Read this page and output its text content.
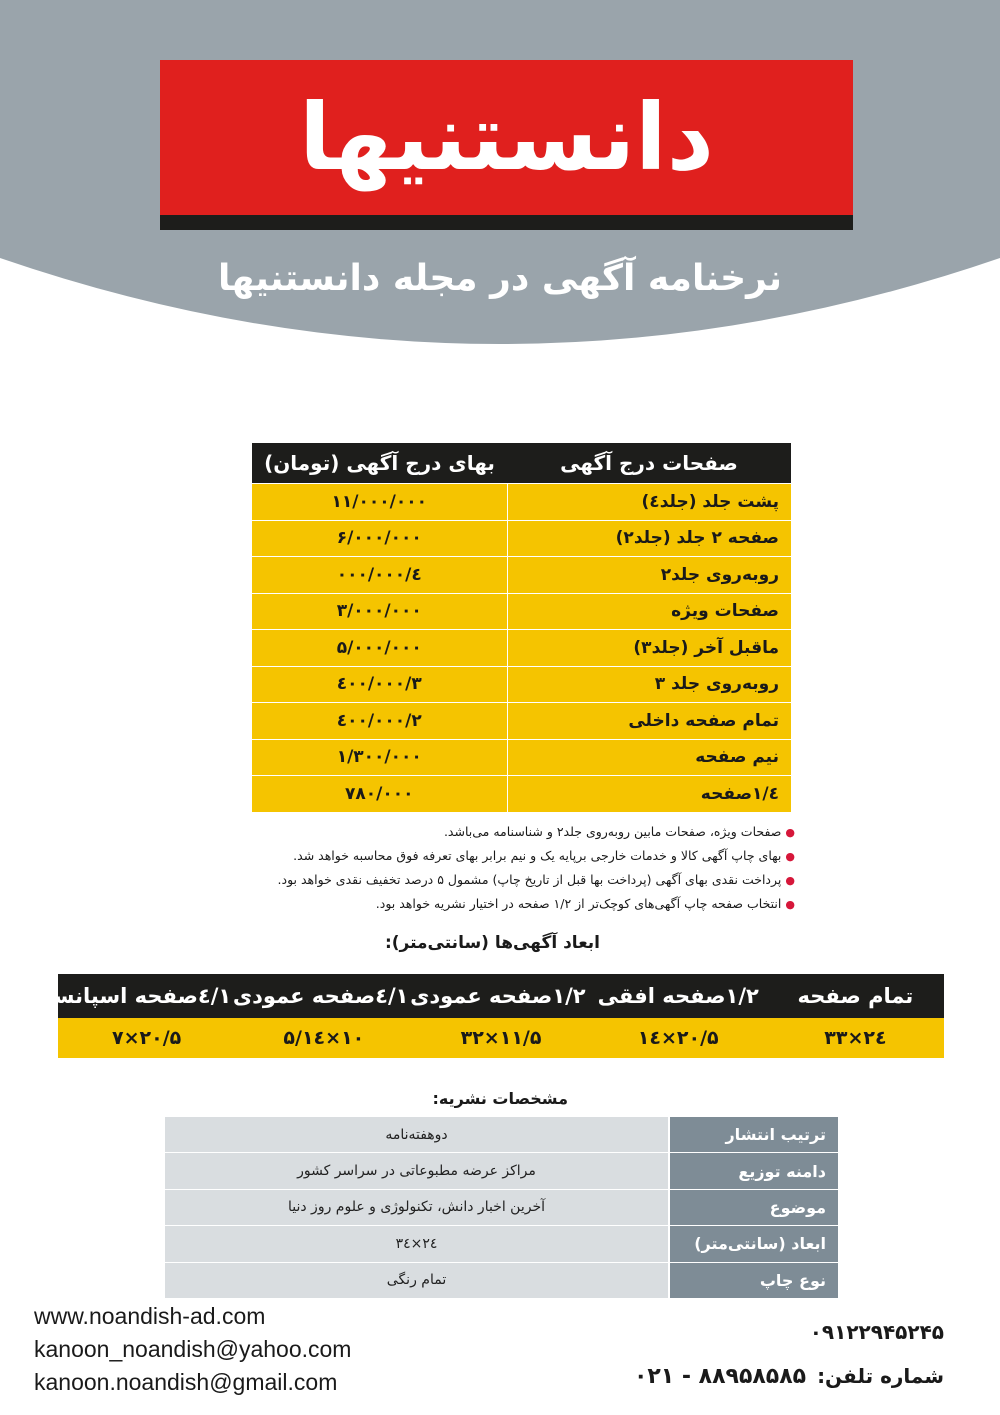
دانستنیها
نرخنامه آگهی در مجله دانستنیها
صفحات درج آگهی	بهای درج آگهی (تومان)
پشت جلد (جلد٤)	۱۱/۰۰۰/۰۰۰
صفحه ۲ جلد (جلد۲)	۶/۰۰۰/۰۰۰
روبه‌روی جلد۲	٤/۰۰۰/۰۰۰
صفحات ویژه	۳/۰۰۰/۰۰۰
ماقبل آخر (جلد۳)	۵/۰۰۰/۰۰۰
روبه‌روی جلد ۳	۳/٤۰۰/۰۰۰
تمام صفحه داخلی	۲/٤۰۰/۰۰۰
نیم صفحه	۱/۳۰۰/۰۰۰
٤/۱صفحه	۷۸۰/۰۰۰
●صفحات ویژه، صفحات مابین روبه‌روی جلد۲ و شناسنامه می‌باشد.
●بهای چاپ آگهی کالا و خدمات خارجی بر‌پایه یک و نیم برابر بهای تعرفه فوق محاسبه خواهد شد.
●پرداخت نقدی بهای آگهی (پرداخت بها قبل از تاریخ چاپ) مشمول ۵ درصد تخفیف نقدی خواهد بود.
●انتخاب صفحه چاپ آگهی‌های کوچک‌تر از ۱/۲ صفحه در اختیار نشریه خواهد بود.
ابعاد آگهی‌ها (سانتی‌متر):
تمام صفحه	۱/۲صفحه افقی	۱/۲صفحه عمودی	۱/٤صفحه عمودی	۱/٤صفحه اسپانسر
۲٤×۳۳	۲۰/۵×۱٤	۱۱/۵×۳۲	۱۰×۱٤/۵	۲۰/۵×۷
مشخصات نشریه:
ترتیب انتشار	دوهفته‌نامه
دامنه توزیع	مراکز عرضه مطبوعاتی در سراسر کشور
موضوع	آخرین اخبار دانش، تکنولوژی و علوم روز دنیا
ابعاد (سانتی‌متر)	۲٤×۳٤
نوع چاپ	تمام رنگی
www.noandish-ad.com
kanoon_noandish@yahoo.com
kanoon.noandish@gmail.com
۰۹۱۲۲۹۴۵۲۴۵
شماره تلفن: ۰۲۱ - ۸۸۹۵۸۵۸۵
